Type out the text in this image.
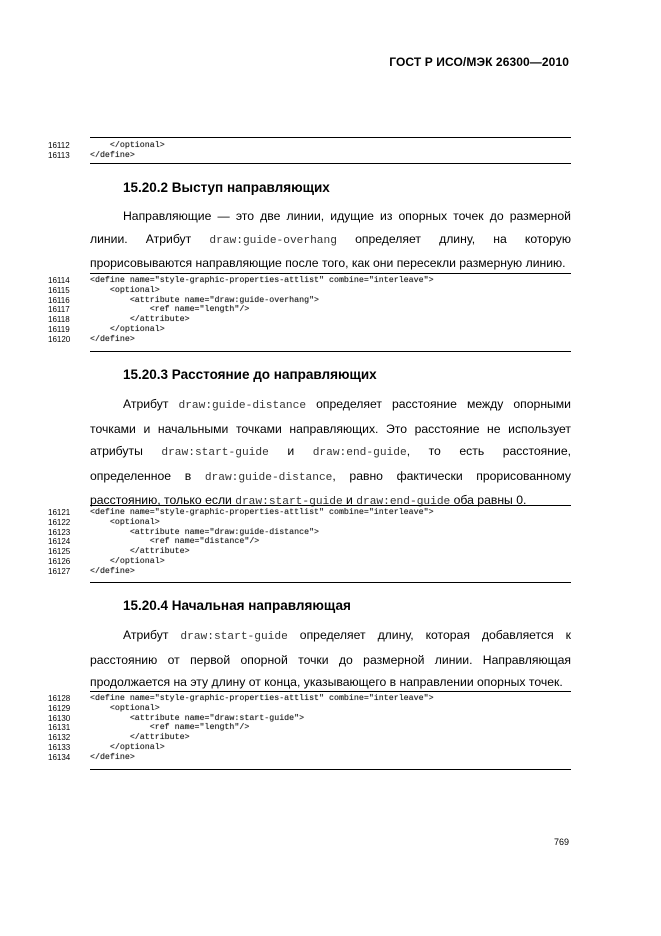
ГОСТ Р ИСО/МЭК 26300—2010
16112	</optional>
16113	</define>
15.20.2 Выступ направляющих
Направляющие — это две линии, идущие из опорных точек до размерной
линии. Атрибут draw:guide-overhang определяет длину, на которую
прорисовываются направляющие после того, как они пересекли размерную линию.
16114	<define name="style-graphic-properties-attlist" combine="interleave">
16115	<optional>
16116	<attribute name="draw:guide-overhang">
16117	<ref name="length"/>
16118	</attribute>
16119	</optional>
16120	</define>
15.20.3 Расстояние до направляющих
Атрибут draw:guide-distance определяет расстояние между опорными
точками и начальными точками направляющих. Это расстояние не использует
атрибуты draw:start-guide и draw:end-guide, то есть расстояние,
определенное в draw:guide-distance, равно фактически прорисованному
расстоянию, только если draw:start-guide и draw:end-guide оба равны 0.
16121	<define name="style-graphic-properties-attlist" combine="interleave">
16122	<optional>
16123	<attribute name="draw:guide-distance">
16124	<ref name="distance"/>
16125	</attribute>
16126	</optional>
16127	</define>
15.20.4 Начальная направляющая
Атрибут draw:start-guide определяет длину, которая добавляется к
расстоянию от первой опорной точки до размерной линии. Направляющая
продолжается на эту длину от конца, указывающего в направлении опорных точек.
16128	<define name="style-graphic-properties-attlist" combine="interleave">
16129	<optional>
16130	<attribute name="draw:start-guide">
16131	<ref name="length"/>
16132	</attribute>
16133	</optional>
16134	</define>
769
